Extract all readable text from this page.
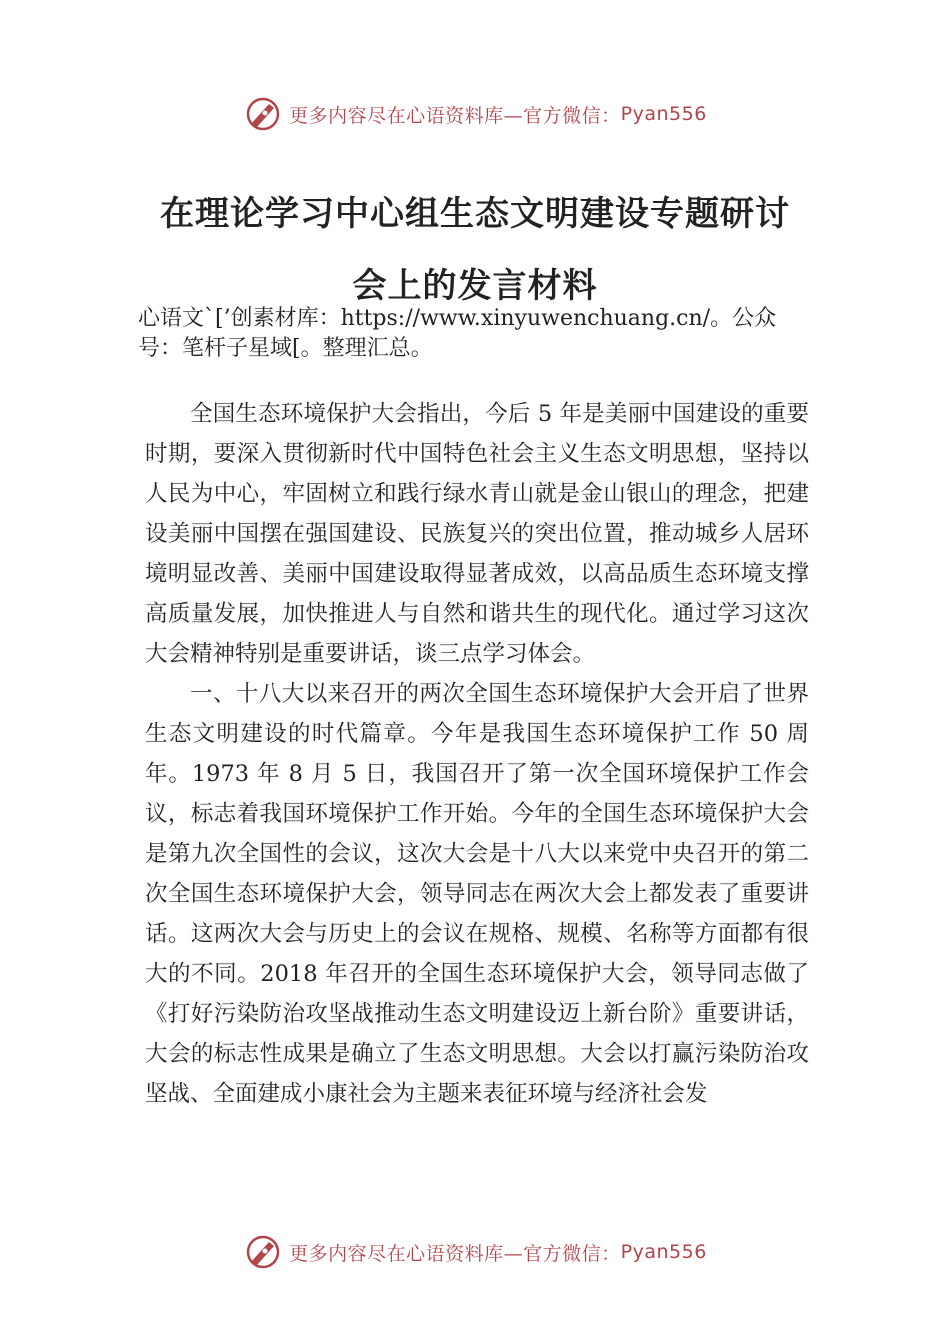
更多内容尽在心语资料库—官方微信： Pyan556
在理论学习中心组生态文明建设专题研讨
会上的发言材料
心语文`[’创素材库：https://www.xinyuwenchuang.cn/。公众号：笔杆子星域[。整理汇总。

全国生态环境保护大会指出，今后 5 年是美丽中国建设的重要时期，要深入贯彻新时代中国特色社会主义生态文明思想，坚持以人民为中心，牢固树立和践行绿水青山就是金山银山的理念，把建设美丽中国摆在强国建设、民族复兴的突出位置，推动城乡人居环境明显改善、美丽中国建设取得显著成效，以高品质生态环境支撑高质量发展，加快推进人与自然和谐共生的现代化。通过学习这次大会精神特别是重要讲话，谈三点学习体会。

一、十八大以来召开的两次全国生态环境保护大会开启了世界生态文明建设的时代篇章。今年是我国生态环境保护工作 50 周年。1973 年 8 月 5 日，我国召开了第一次全国环境保护工作会议，标志着我国环境保护工作开始。今年的全国生态环境保护大会是第九次全国性的会议，这次大会是十八大以来党中央召开的第二次全国生态环境保护大会，领导同志在两次大会上都发表了重要讲话。这两次大会与历史上的会议在规格、规模、名称等方面都有很大的不同。2018 年召开的全国生态环境保护大会，领导同志做了《打好污染防治攻坚战推动生态文明建设迈上新台阶》重要讲话，大会的标志性成果是确立了生态文明思想。大会以打赢污染防治攻坚战、全面建成小康社会为主题来表征环境与经济社会发

更多内容尽在心语资料库—官方微信： Pyan556
